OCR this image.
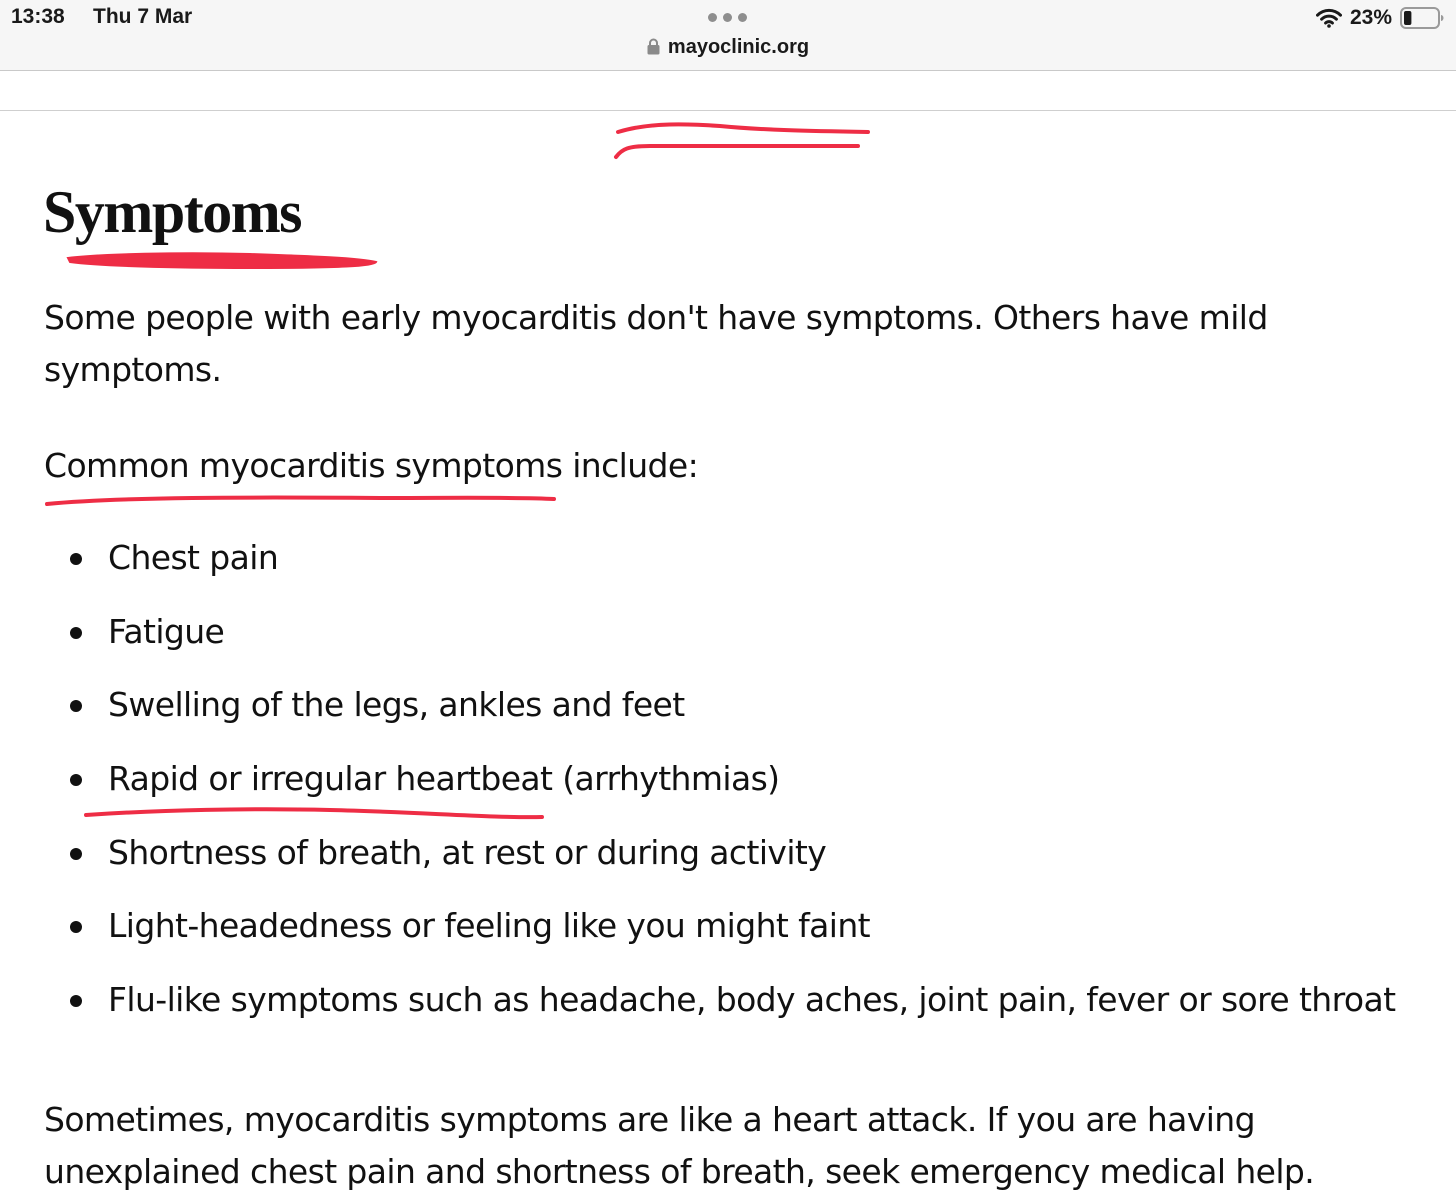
13:38 Thu 7 Mar
mayoclinic.org
23%
Symptoms

Some people with early myocarditis don't have symptoms. Others have mild symptoms.

Common myocarditis symptoms include:

Chest pain
Fatigue
Swelling of the legs, ankles and feet
Rapid or irregular heartbeat (arrhythmias)
Shortness of breath, at rest or during activity
Light-headedness or feeling like you might faint
Flu-like symptoms such as headache, body aches, joint pain, fever or sore throat

Sometimes, myocarditis symptoms are like a heart attack. If you are having unexplained chest pain and shortness of breath, seek emergency medical help.
